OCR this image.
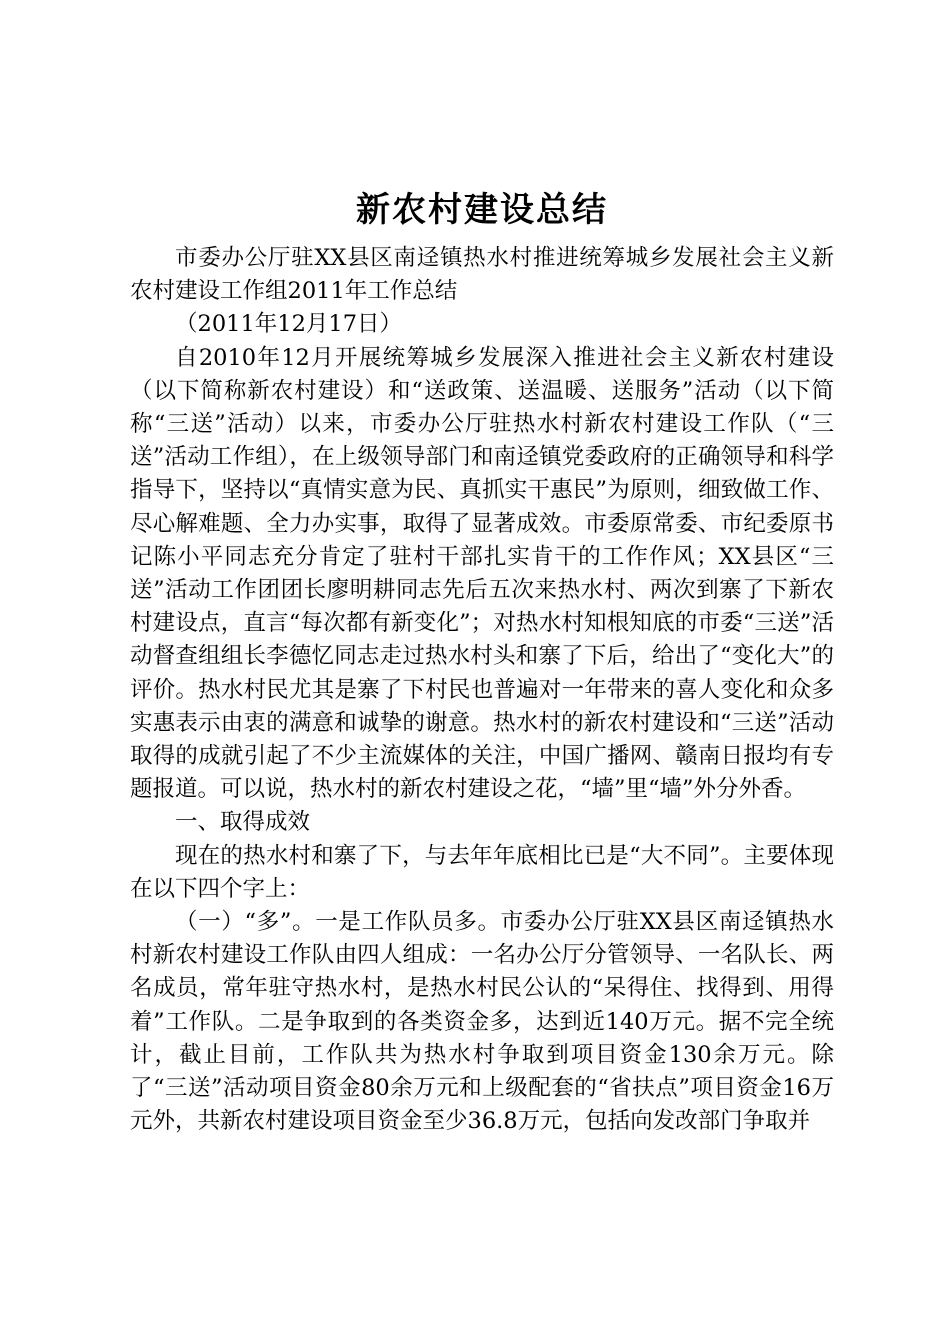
新农村建设总结

市委办公厅驻XX县区南迳镇热水村推进统筹城乡发展社会主义新农村建设工作组2011年工作总结

（2011年12月17日）

自2010年12月开展统筹城乡发展深入推进社会主义新农村建设（以下简称新农村建设）和“送政策、送温暖、送服务”活动（以下简称“三送”活动）以来，市委办公厅驻热水村新农村建设工作队（“三送”活动工作组），在上级领导部门和南迳镇党委政府的正确领导和科学指导下，坚持以“真情实意为民、真抓实干惠民”为原则，细致做工作、尽心解难题、全力办实事，取得了显著成效。市委原常委、市纪委原书记陈小平同志充分肯定了驻村干部扎实肯干的工作作风；XX县区“三送”活动工作团团长廖明耕同志先后五次来热水村、两次到寨了下新农村建设点，直言“每次都有新变化”；对热水村知根知底的市委“三送”活动督查组组长李德忆同志走过热水村头和寨了下后，给出了“变化大”的评价。热水村民尤其是寨了下村民也普遍对一年带来的喜人变化和众多实惠表示由衷的满意和诚挚的谢意。热水村的新农村建设和“三送”活动取得的成就引起了不少主流媒体的关注，中国广播网、赣南日报均有专题报道。可以说，热水村的新农村建设之花，“墙”里“墙”外分外香。

一、取得成效

现在的热水村和寨了下，与去年年底相比已是“大不同”。主要体现在以下四个字上：

（一）“多”。一是工作队员多。市委办公厅驻XX县区南迳镇热水村新农村建设工作队由四人组成：一名办公厅分管领导、一名队长、两名成员，常年驻守热水村，是热水村民公认的“呆得住、找得到、用得着”工作队。二是争取到的各类资金多，达到近140万元。据不完全统计，截止目前，工作队共为热水村争取到项目资金130余万元。除了“三送”活动项目资金80余万元和上级配套的“省扶点”项目资金16万元外，共新农村建设项目资金至少36.8万元，包括向发改部门争取并
